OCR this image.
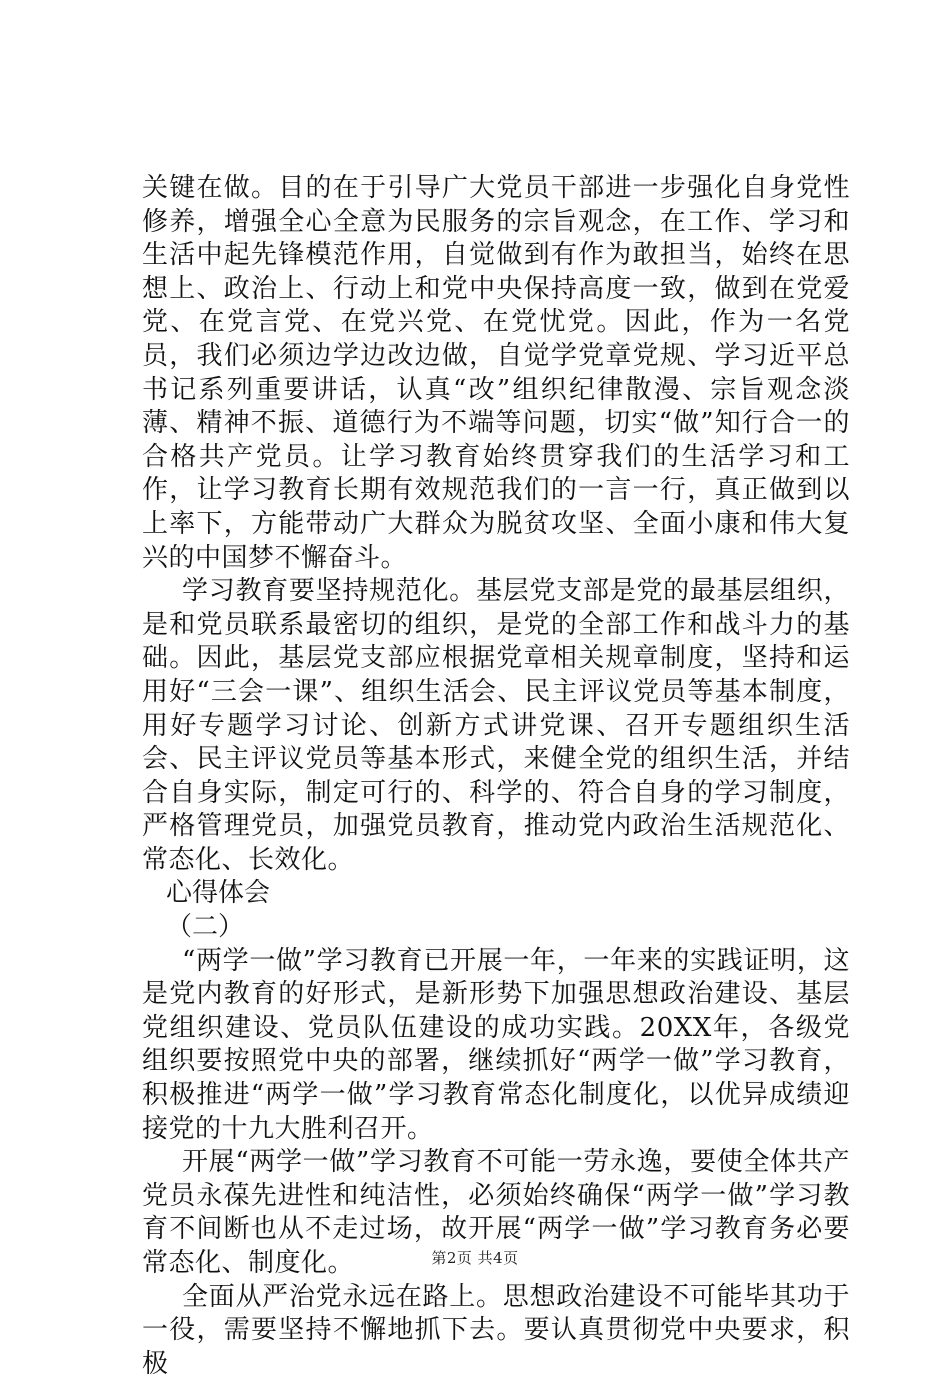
关键在做。目的在于引导广大党员干部进一步强化自身党性修养，增强全心全意为民服务的宗旨观念，在工作、学习和生活中起先锋模范作用，自觉做到有作为敢担当，始终在思想上、政治上、行动上和党中央保持高度一致，做到在党爱党、在党言党、在党兴党、在党忧党。因此，作为一名党员，我们必须边学边改边做，自觉学党章党规、学习近平总书记系列重要讲话，认真“改”组织纪律散漫、宗旨观念淡薄、精神不振、道德行为不端等问题，切实“做”知行合一的合格共产党员。让学习教育始终贯穿我们的生活学习和工作，让学习教育长期有效规范我们的一言一行，真正做到以上率下，方能带动广大群众为脱贫攻坚、全面小康和伟大复兴的中国梦不懈奋斗。

学习教育要坚持规范化。基层党支部是党的最基层组织，是和党员联系最密切的组织，是党的全部工作和战斗力的基础。因此，基层党支部应根据党章相关规章制度，坚持和运用好“三会一课”、组织生活会、民主评议党员等基本制度，用好专题学习讨论、创新方式讲党课、召开专题组织生活会、民主评议党员等基本形式，来健全党的组织生活，并结合自身实际，制定可行的、科学的、符合自身的学习制度，严格管理党员，加强党员教育，推动党内政治生活规范化、常态化、长效化。

心得体会

（二）

“两学一做”学习教育已开展一年，一年来的实践证明，这是党内教育的好形式，是新形势下加强思想政治建设、基层党组织建设、党员队伍建设的成功实践。20XX年，各级党组织要按照党中央的部署，继续抓好“两学一做”学习教育，积极推进“两学一做”学习教育常态化制度化，以优异成绩迎接党的十九大胜利召开。

开展“两学一做”学习教育不可能一劳永逸，要使全体共产党员永葆先进性和纯洁性，必须始终确保“两学一做”学习教育不间断也从不走过场，故开展“两学一做”学习教育务必要常态化、制度化。

全面从严治党永远在路上。思想政治建设不可能毕其功于一役，需要坚持不懈地抓下去。要认真贯彻党中央要求，积极

第2页 共4页
